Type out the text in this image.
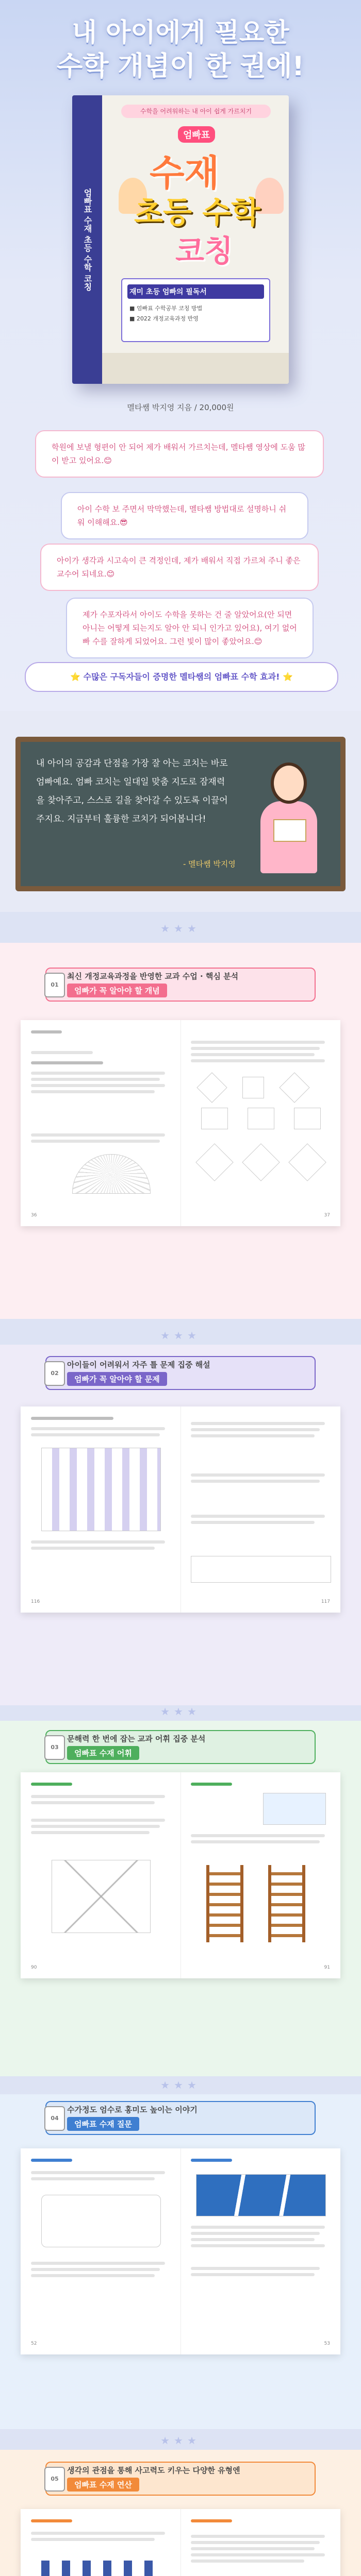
내 아이에게 필요한
수학 개념이 한 권에!
엄빠표 수재 초등 수학 코칭
수학을 어려워하는 내 아이 쉽게 가르치기
엄빠표
수재
초등 수학
코칭
재미 초등 엄빠의 필독서
■ 엄빠표 수학공부 코칭 방법
■ 2022 개정교육과정 반영
멜타쌤 박지영 지음 / 20,000원
학원에 보낼 형편이 안 되어 제가 배워서 가르치는데, 멜타쌤 영상에 도움 많이 받고 있어요.😊
아이 수학 보 주면서 막막했는데, 멜타쌤 방법대로 설명하니 쉬워 이해해요.😎
아이가 생각과 시고속이 큰 격정인데, 제가 배워서 직접 가르쳐 주니 좋은 교수어 되네요.😊
제가 수포자라서 아이도 수학을 못하는 건 줄 알았어요(안 되면 아니는 어떻게 되는지도 알아 안 되니 인가고 있어요), 여기 없어 빠 수를 잘하게 되었어요. 그런 빛이 많이 좋았어요.😊
⭐ 수많은 구독자들이 증명한 멜타쌤의 엄빠표 수학 효과! ⭐
내 아이의 공감과 단점을 가장 잘 아는 코치는 바로 엄빠예요. 엄빠 코치는 일대일 맞춤 지도로 잠재력을 찾아주고, 스스로 길을 찾아갈 수 있도록 이끌어 주지요. 지금부터 훌륭한 코치가 되어봅니다!
- 멜타쌤 박지영
★★★
01
최신 개정교육과정을 반영한 교과 수업 · 핵심 분석
엄빠가 꼭 알아야 할 개념
36	37
★★★
02
아이들이 어려워서 자주 틀 문제 집중 해설
엄빠가 꼭 알아야 할 문제
116	117
★★★
03
문해력 한 번에 잡는 교과 어휘 집중 분석
엄빠표 수재 어휘
90	91
★★★
04
수가정도 엄수로 홍미도 높이는 이야기
엄빠표 수재 질문
52	53
★★★
05
생각의 관점을 통해 사고력도 키우는 다양한 유형엔
엄빠표 수재 연산
